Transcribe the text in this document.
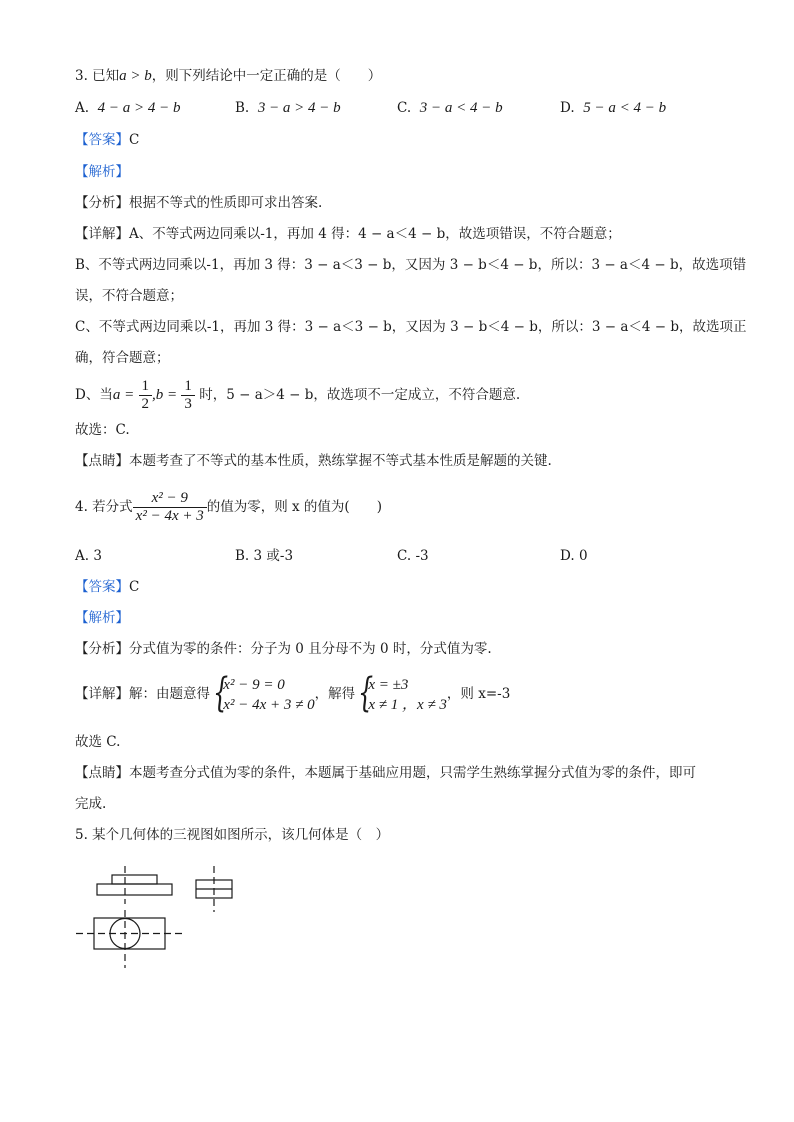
3. 已知a > b，则下列结论中一定正确的是（　　）
A. 4 − a > 4 − b	B. 3 − a > 4 − b	C. 3 − a < 4 − b	D. 5 − a < 4 − b
【答案】C
【解析】
【分析】根据不等式的性质即可求出答案.
【详解】A、不等式两边同乘以-1，再加 4 得：4 − a＜4 − b，故选项错误，不符合题意；
B、不等式两边同乘以-1，再加 3 得：3 − a＜3 − b，又因为 3 − b＜4 − b，所以：3 − a＜4 − b，故选项错
误，不符合题意；
C、不等式两边同乘以-1，再加 3 得：3 − a＜3 − b，又因为 3 − b＜4 − b，所以：3 − a＜4 − b，故选项正
确，符合题意；
D、当$a = \frac{1}{2} ,b = \frac{1}{3}$ 时，5 − a＞4 − b，故选项不一定成立，不符合题意.
故选：C.
【点睛】本题考查了不等式的基本性质，熟练掌握不等式基本性质是解题的关键.
4. 若分式 $\frac{\text{x² − 9}}{\text{x² − 4x + 3}}$ 的值为零，则 x 的值为(　　)
A. 3	B. 3 或-3	C. -3	D. 0
【答案】C
【解析】
【分析】分式值为零的条件：分子为 0 且分母不为 0 时，分式值为零.
【详解】解：由题意得 {
x² − 9 = 0
x² − 4x + 3 ≠ 0
，解得 {
x = ±3
x ≠ 1 ，x ≠ 3
，则 x=-3
故选 C.
【点睛】本题考查分式值为零的条件，本题属于基础应用题，只需学生熟练掌握分式值为零的条件，即可
完成.
5. 某个几何体的三视图如图所示，该几何体是（　）
